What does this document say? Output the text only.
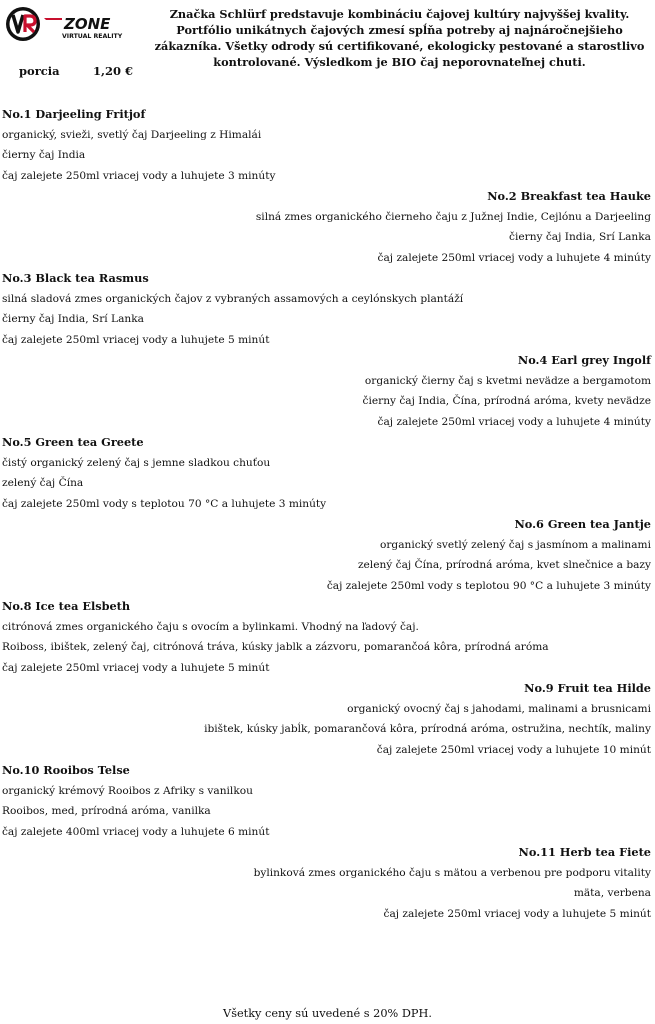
ZONE
VIRTUAL REALITY
Značka Schlürf predstavuje kombináciu čajovej kultúry najvyššej kvality. Portfólio unikátnych čajových zmesí spĺňa potreby aj najnáročnejšieho zákazníka. Všetky odrody sú certifikované, ekologicky pestované a starostlivo kontrolované. Výsledkom je BIO čaj neporovnateľnej chuti.
porcia	1,20 €
No.1 Darjeeling Fritjof
organický, svieži, svetlý čaj Darjeeling z Himalái
čierny čaj India
čaj zalejete 250ml vriacej vody a luhujete 3 minúty
No.2 Breakfast tea Hauke
silná zmes organického čierneho čaju z Južnej Indie, Cejlónu a Darjeeling
čierny čaj India, Srí Lanka
čaj zalejete 250ml vriacej vody a luhujete 4 minúty
No.3 Black tea Rasmus
silná sladová zmes organických čajov z vybraných assamových a ceylónskych plantáží
čierny čaj India, Srí Lanka
čaj zalejete 250ml vriacej vody a luhujete 5 minút
No.4 Earl grey Ingolf
organický čierny čaj s kvetmi nevädze a bergamotom
čierny čaj India, Čína, prírodná aróma, kvety nevädze
čaj zalejete 250ml vriacej vody a luhujete 4 minúty
No.5 Green tea Greete
čistý organický zelený čaj s jemne sladkou chuťou
zelený čaj Čína
čaj zalejete 250ml vody s teplotou 70 °C a luhujete 3 minúty
No.6 Green tea Jantje
organický svetlý zelený čaj s jasmínom a malinami
zelený čaj Čína, prírodná aróma, kvet slnečnice a bazy
čaj zalejete 250ml vody s teplotou 90 °C a luhujete 3 minúty
No.8 Ice tea Elsbeth
citrónová zmes organického čaju s ovocím a bylinkami. Vhodný na ľadový čaj.
Roiboss, ibištek, zelený čaj, citrónová tráva, kúsky jablk a zázvoru, pomarančoá kôra, prírodná aróma
čaj zalejete 250ml vriacej vody a luhujete 5 minút
No.9 Fruit tea Hilde
organický ovocný čaj s jahodami, malinami a brusnicami
ibištek, kúsky jabĺk, pomarančová kôra, prírodná aróma, ostružina, nechtík, maliny
čaj zalejete 250ml vriacej vody a luhujete 10 minút
No.10 Rooibos Telse
organický krémový Rooibos z Afriky s vanilkou
Rooibos, med, prírodná aróma, vanilka
čaj zalejete 400ml vriacej vody a luhujete 6 minút
No.11 Herb tea Fiete
bylinková zmes organického čaju s mätou a verbenou pre podporu vitality
mäta, verbena
čaj zalejete 250ml vriacej vody a luhujete 5 minút
Všetky ceny sú uvedené s 20% DPH.
